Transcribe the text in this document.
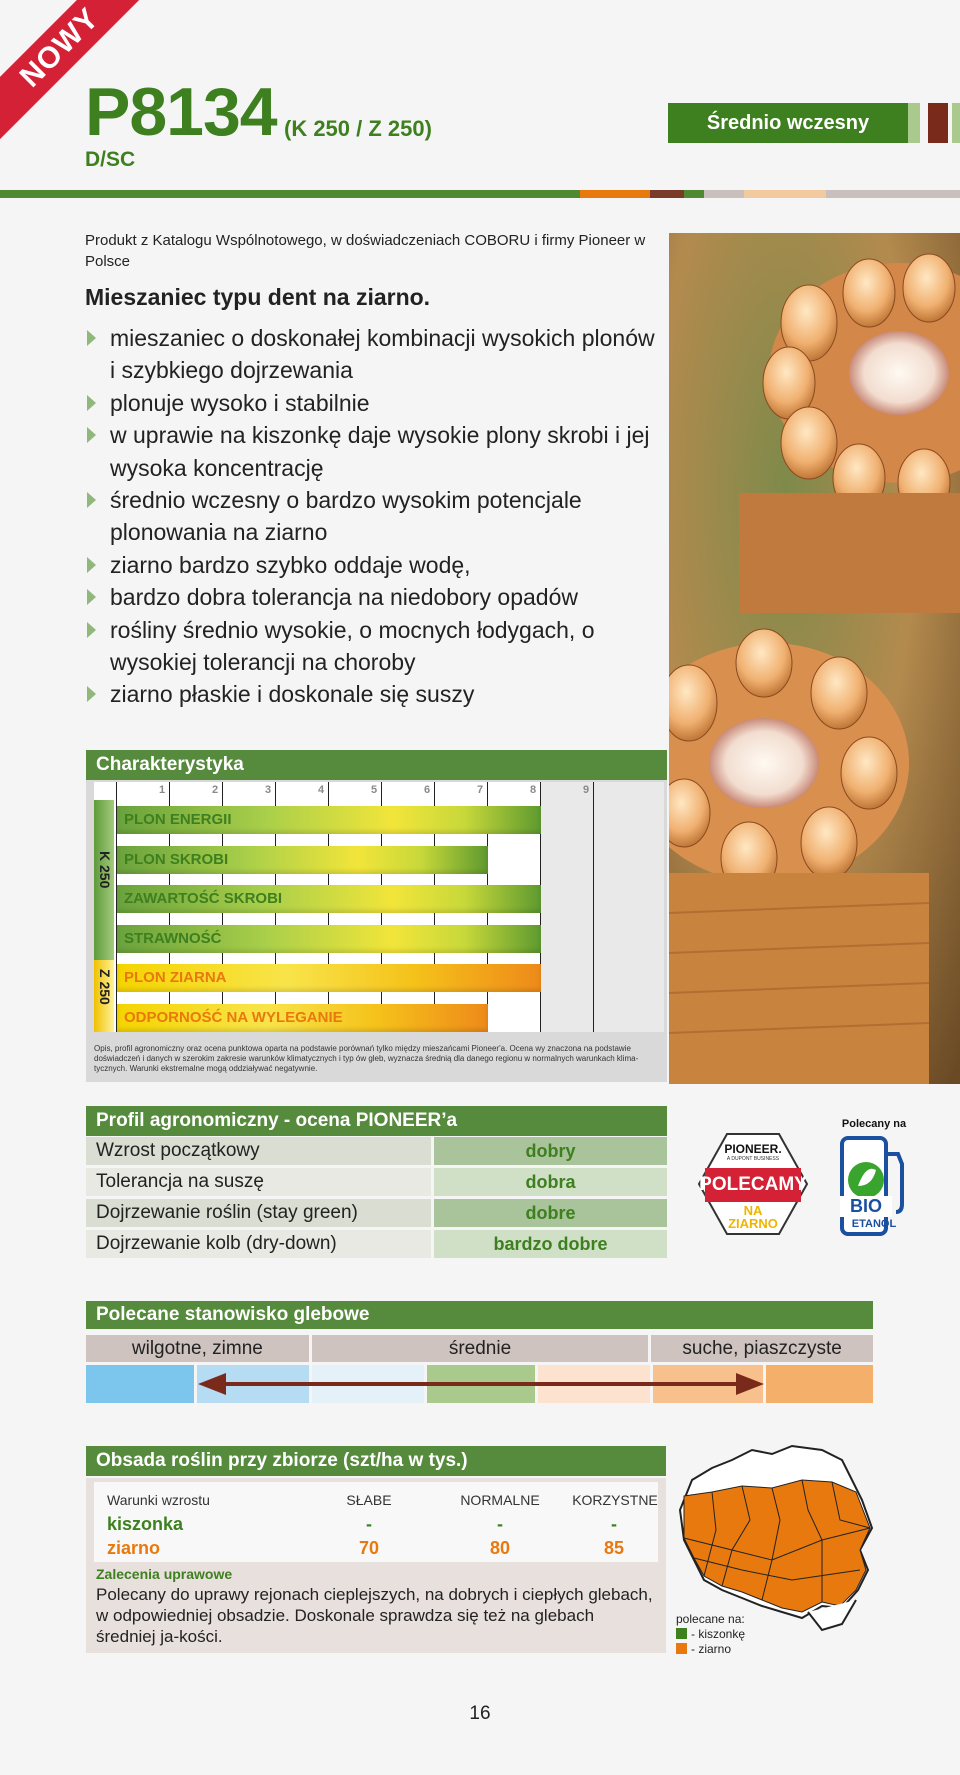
NOWY
P8134 (K 250 / Z 250)
D/SC
Średnio wczesny
Produkt z Katalogu Wspólnotowego, w doświadczeniach COBORU i firmy Pioneer w Polsce
Mieszaniec typu dent na ziarno.
mieszaniec o doskonałej kombinacji wysokich plonów i szybkiego dojrzewania
plonuje wysoko i stabilnie
w uprawie na kiszonkę daje wysokie plony skrobi i jej wysoka koncentrację
średnio wczesny o bardzo wysokim potencjale plonowania na ziarno
ziarno bardzo szybko oddaje wodę,
bardzo dobra tolerancja na niedobory opadów
rośliny średnio wysokie, o mocnych łodygach, o wysokiej tolerancji na choroby
ziarno płaskie i doskonale się suszy
Charakterystyka
K 250
Z 250
1	2	3	4	5	6	7	8	9
PLON ENERGII
PLON SKROBI
ZAWARTOŚĆ SKROBI
STRAWNOŚĆ
PLON ZIARNA
ODPORNOŚĆ NA WYLEGANIE
Opis, profil agronomiczny oraz ocena punktowa oparta na podstawie porównań tylko między mieszańcami Pioneer'a. Ocena wy znaczona na podstawie doświadczeń i danych w szerokim zakresie warunków klimatycznych i typ ów gleb, wyznacza średnią dla danego regionu w normalnych warunkach klima-tycznych. Warunki ekstremalne mogą oddziaływać negatywnie.
Profil agronomiczny - ocena PIONEER’a
Wzrost początkowy	dobry
Tolerancja na suszę	dobra
Dojrzewanie roślin (stay green)	dobre
Dojrzewanie kolb (dry-down)	bardzo dobre
PIONEER.
A DUPONT BUSINESS
POLECAMY
NA
ZIARNO
Polecany na
BIO
ETANOL
Polecane stanowisko glebowe
wilgotne, zimne	średnie	suche, piaszczyste
Obsada roślin przy zbiorze (szt/ha w tys.)
Warunki wzrostu	SŁABE	NORMALNE	KORZYSTNE
kiszonka	-	-	-
ziarno	70	80	85
Zalecenia uprawowe
Polecany do uprawy rejonach cieplejszych, na dobrych i ciepłych glebach, w odpowiedniej obsadzie. Doskonale sprawdza się też na glebach średniej ja-kości.
polecane na:
- kiszonkę
- ziarno
16
